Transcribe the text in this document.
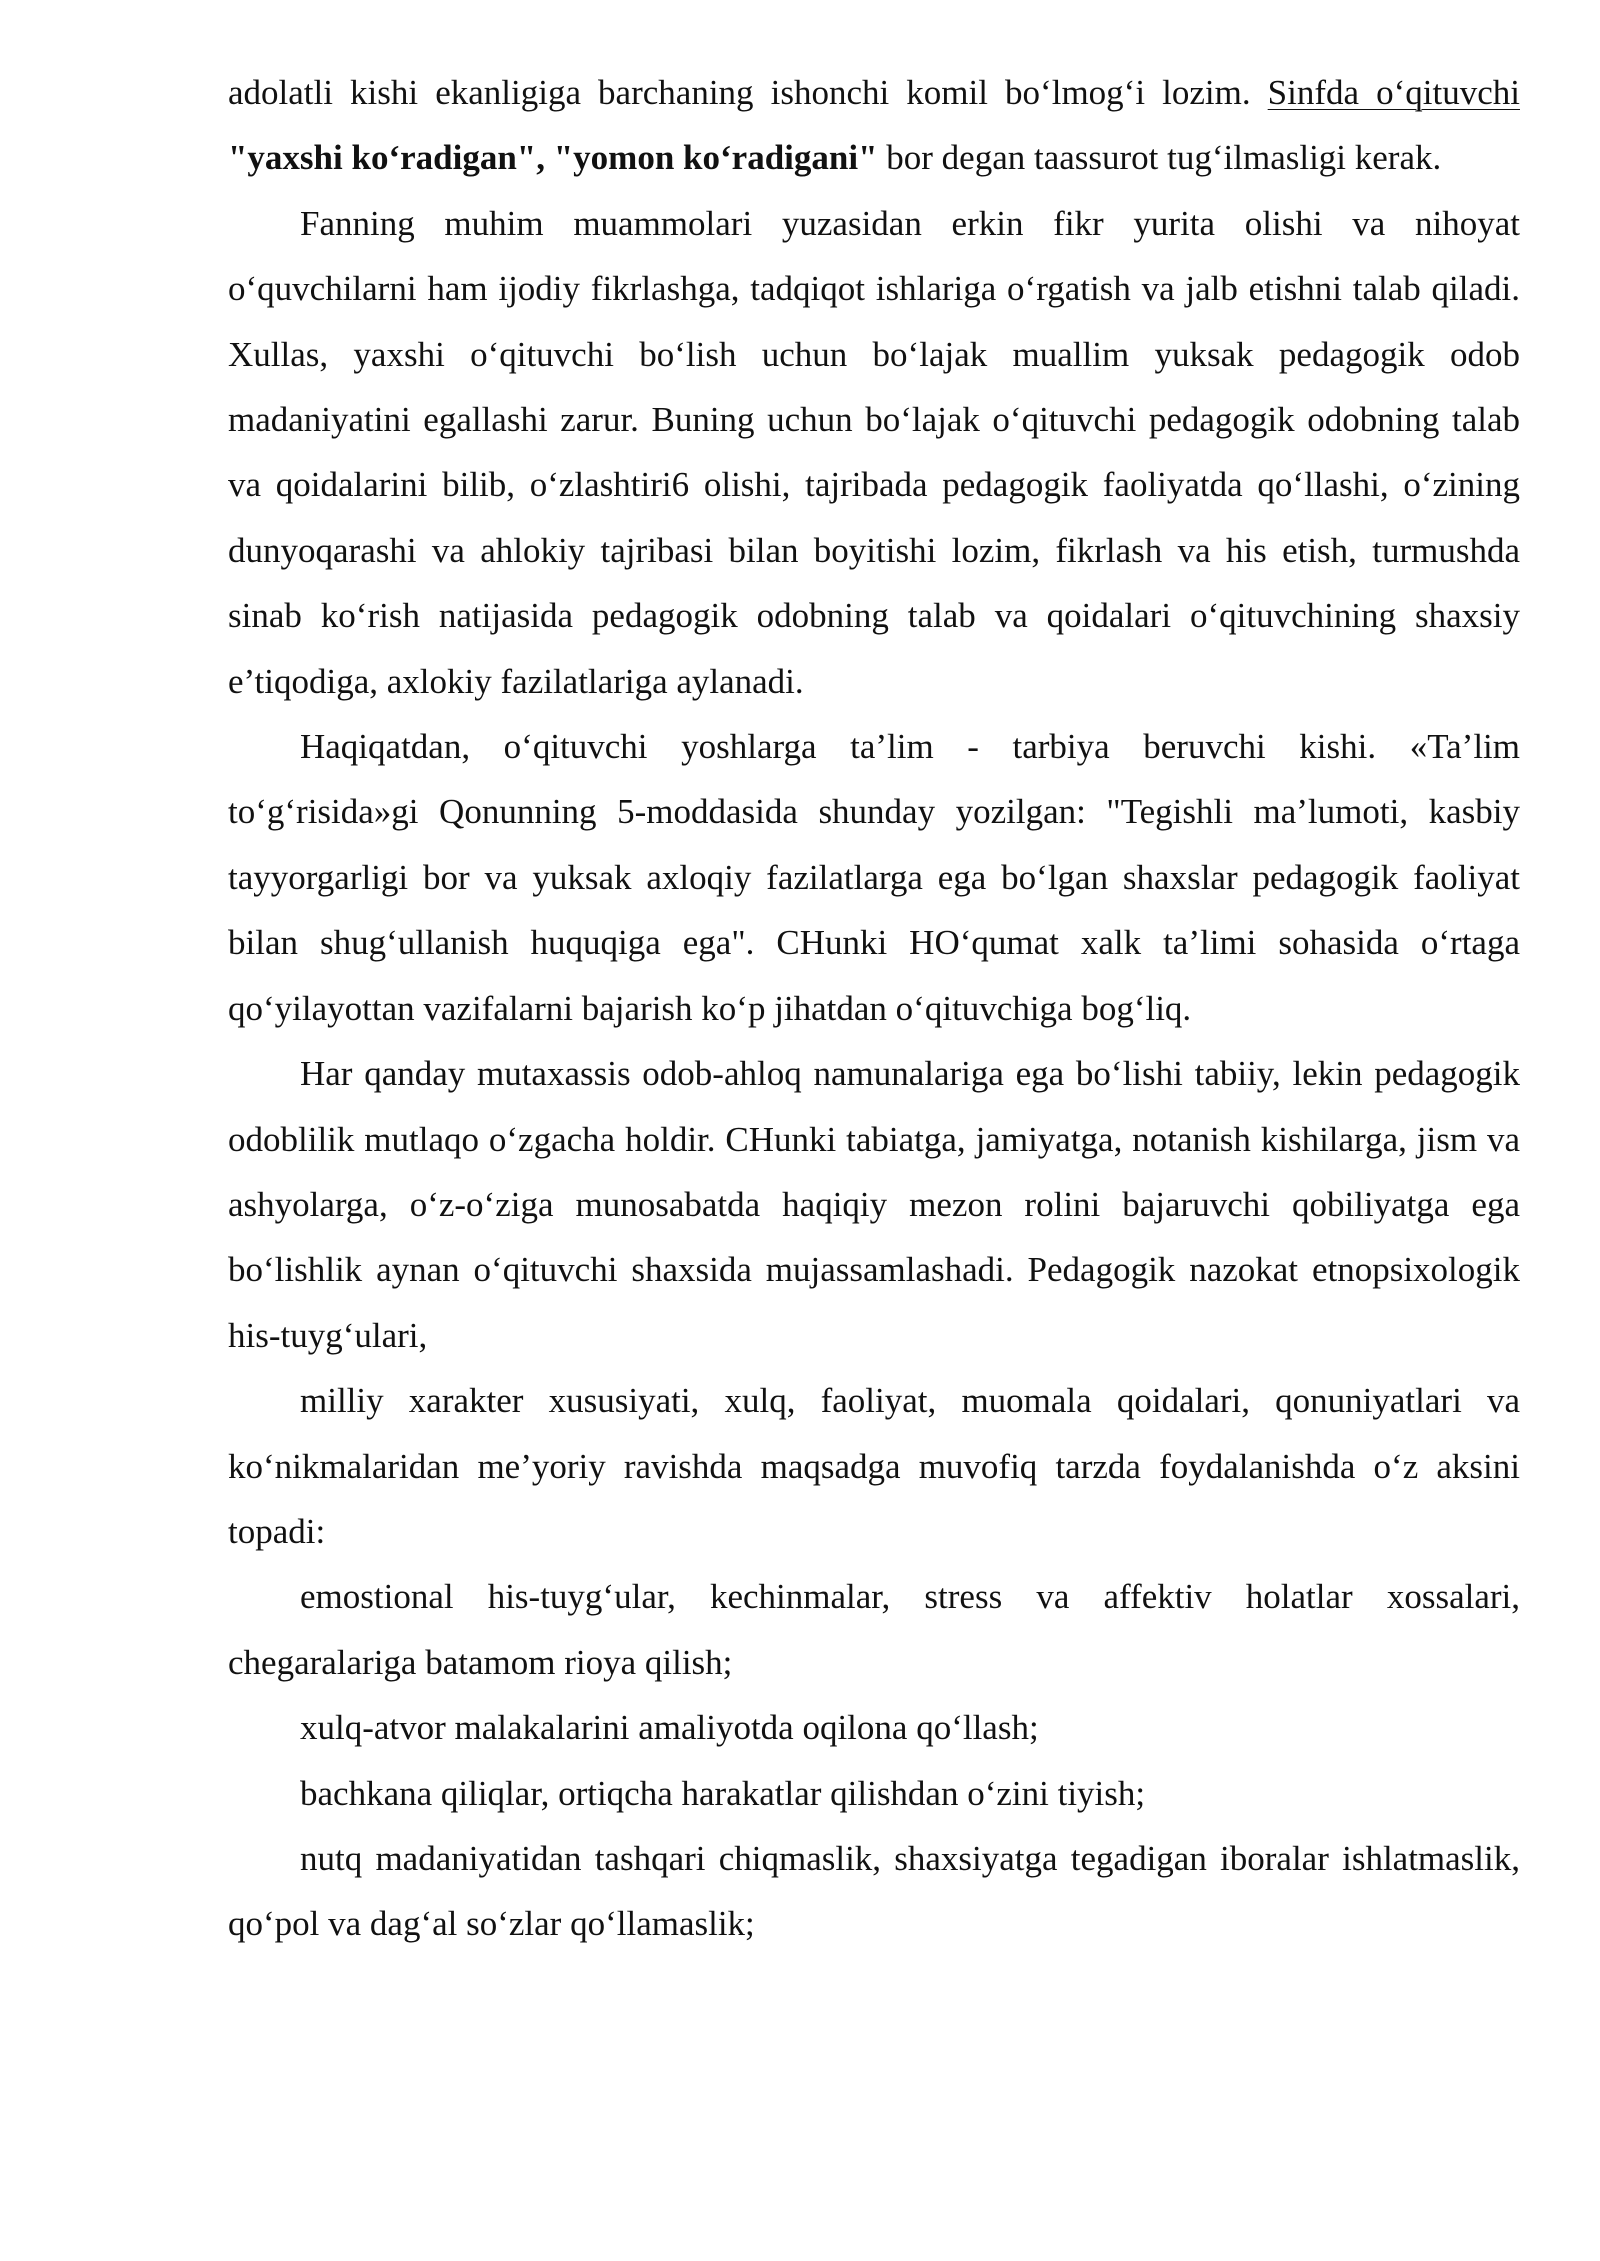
adolatli kishi ekanligiga barchaning ishonchi komil bo‘lmog‘i lozim. Sinfda o‘qituvchi "yaxshi ko‘radigan", "yomon ko‘radigani" bor degan taassurot tug‘ilmasligi kerak.

Fanning muhim muammolari yuzasidan erkin fikr yurita olishi va nihoyat o‘quvchilarni ham ijodiy fikrlashga, tadqiqot ishlariga o‘rgatish va jalb etishni talab qiladi. Xullas, yaxshi o‘qituvchi bo‘lish uchun bo‘lajak muallim yuksak pedagogik odob madaniyatini egallashi zarur. Buning uchun bo‘lajak o‘qituvchi pedagogik odobning talab va qoidalarini bilib, o‘zlashtiri6 olishi, tajribada pedagogik faoliyatda qo‘llashi, o‘zining dunyoqarashi va ahlokiy tajribasi bilan boyitishi lozim, fikrlash va his etish, turmushda sinab ko‘rish natijasida pedagogik odobning talab va qoidalari o‘qituvchining shaxsiy e’tiqodiga, axlokiy fazilatlariga aylanadi.

Haqiqatdan, o‘qituvchi yoshlarga ta’lim - tarbiya beruvchi kishi. «Ta’lim to‘g‘risida»gi Qonunning 5-moddasida shunday yozilgan: "Tegishli ma’lumoti, kasbiy tayyorgarligi bor va yuksak axloqiy fazilatlarga ega bo‘lgan shaxslar pedagogik faoliyat bilan shug‘ullanish huquqiga ega". CHunki HO‘qumat xalk ta’limi sohasida o‘rtaga qo‘yilayottan vazifalarni bajarish ko‘p jihatdan o‘qituvchiga bog‘liq.

Har qanday mutaxassis odob-ahloq namunalariga ega bo‘lishi tabiiy, lekin pedagogik odoblilik mutlaqo o‘zgacha holdir. CHunki tabiatga, jamiyatga, notanish kishilarga, jism va ashyolarga, o‘z-o‘ziga munosabatda haqiqiy mezon rolini bajaruvchi qobiliyatga ega bo‘lishlik aynan o‘qituvchi shaxsida mujassamlashadi. Pedagogik nazokat etnopsixologik his-tuyg‘ulari,

milliy xarakter xususiyati, xulq, faoliyat, muomala qoidalari, qonuniyatlari va ko‘nikmalaridan me’yoriy ravishda maqsadga muvofiq tarzda foydalanishda o‘z aksini topadi:

emostional his-tuyg‘ular, kechinmalar, stress va affektiv holatlar xossalari, chegaralariga batamom rioya qilish;

xulq-atvor malakalarini amaliyotda oqilona qo‘llash;

bachkana qiliqlar, ortiqcha harakatlar qilishdan o‘zini tiyish;

nutq madaniyatidan tashqari chiqmaslik, shaxsiyatga tegadigan iboralar ishlatmaslik, qo‘pol va dag‘al so‘zlar qo‘llamaslik;
